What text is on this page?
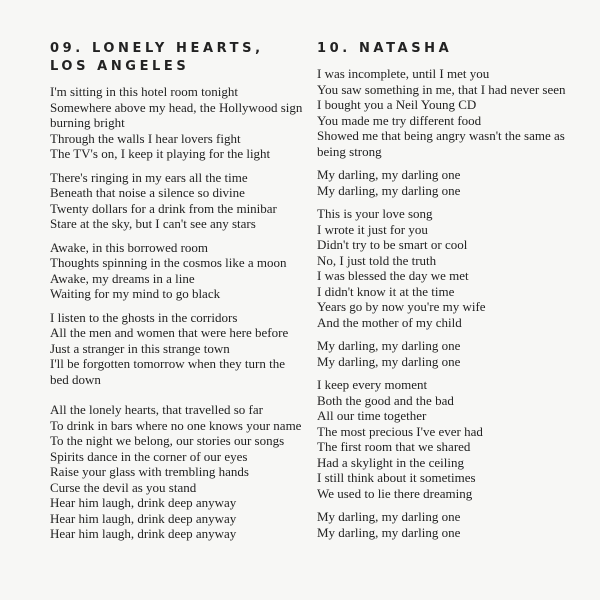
09. LONELY HEARTS,
LOS ANGELES
I'm sitting in this hotel room tonight
Somewhere above my head, the Hollywood sign
burning bright
Through the walls I hear lovers fight
The TV's on, I keep it playing for the light
There's ringing in my ears all the time
Beneath that noise a silence so divine
Twenty dollars for a drink from the minibar
Stare at the sky, but I can't see any stars
Awake, in this borrowed room
Thoughts spinning in the cosmos like a moon
Awake, my dreams in a line
Waiting for my mind to go black
I listen to the ghosts in the corridors
All the men and women that were here before
Just a stranger in this strange town
I'll be forgotten tomorrow when they turn the
bed down
All the lonely hearts, that travelled so far
To drink in bars where no one knows your name
To the night we belong, our stories our songs
Spirits dance in the corner of our eyes
Raise your glass with trembling hands
Curse the devil as you stand
Hear him laugh, drink deep anyway
Hear him laugh, drink deep anyway
Hear him laugh, drink deep anyway
10. NATASHA
I was incomplete, until I met you
You saw something in me, that I had never seen
I bought you a Neil Young CD
You made me try different food
Showed me that being angry wasn't the same as
being strong
My darling, my darling one
My darling, my darling one
This is your love song
I wrote it just for you
Didn't try to be smart or cool
No, I just told the truth
I was blessed the day we met
I didn't know it at the time
Years go by now you're my wife
And the mother of my child
My darling, my darling one
My darling, my darling one
I keep every moment
Both the good and the bad
All our time together
The most precious I've ever had
The first room that we shared
Had a skylight in the ceiling
I still think about it sometimes
We used to lie there dreaming
My darling, my darling one
My darling, my darling one
